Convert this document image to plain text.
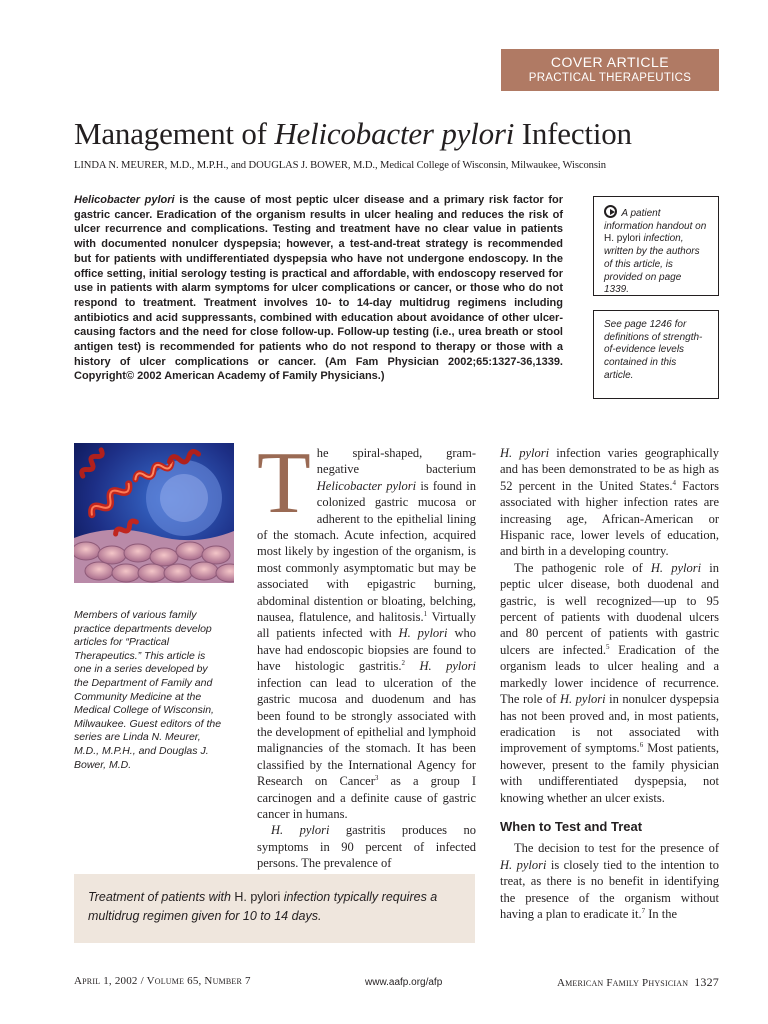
COVER ARTICLE
PRACTICAL THERAPEUTICS
Management of Helicobacter pylori Infection
LINDA N. MEURER, M.D., M.P.H., and DOUGLAS J. BOWER, M.D., Medical College of Wisconsin, Milwaukee, Wisconsin
Helicobacter pylori is the cause of most peptic ulcer disease and a primary risk factor for gastric cancer. Eradication of the organism results in ulcer healing and reduces the risk of ulcer recurrence and complications. Testing and treatment have no clear value in patients with documented nonulcer dyspepsia; however, a test-and-treat strategy is recommended but for patients with undifferentiated dyspepsia who have not undergone endoscopy. In the office setting, initial serology testing is practical and affordable, with endoscopy reserved for use in patients with alarm symptoms for ulcer complications or cancer, or those who do not respond to treatment. Treatment involves 10- to 14-day multidrug regimens including antibiotics and acid suppressants, combined with education about avoidance of other ulcer-causing factors and the need for close follow-up. Follow-up testing (i.e., urea breath or stool antigen test) is recommended for patients who do not respond to therapy or those with a history of ulcer complications or cancer. (Am Fam Physician 2002;65:1327-36,1339. Copyright© 2002 American Academy of Family Physicians.)
A patient information handout on H. pylori infection, written by the authors of this article, is provided on page 1339.
See page 1246 for definitions of strength-of-evidence levels contained in this article.
Members of various family practice departments develop articles for “Practical Therapeutics.” This article is one in a series developed by the Department of Family and Community Medicine at the Medical College of Wisconsin, Milwaukee. Guest editors of the series are Linda N. Meurer, M.D., M.P.H., and Douglas J. Bower, M.D.

The spiral-shaped, gram-negative bacterium Helicobacter pylori is found in colonized gastric mucosa or adherent to the epithelial lining of the stomach. Acute infection, acquired most likely by ingestion of the organism, is most commonly asymptomatic but may be associated with epigastric burning, abdominal distention or bloating, belching, nausea, flatulence, and halitosis.$^1$ Virtually all patients infected with H. pylori who have had endoscopic biopsies are found to have histologic gastritis.$^2$ H. pylori infection can lead to ulceration of the gastric mucosa and duodenum and has been found to be strongly associated with the development of epithelial and lymphoid malignancies of the stomach. It has been classified by the International Agency for Research on Cancer$^3$ as a group I carcinogen and a definite cause of gastric cancer in humans.

H. pylori gastritis produces no symptoms in 90 percent of infected persons. The prevalence of

H. pylori infection varies geographically and has been demonstrated to be as high as 52 percent in the United States.$^4$ Factors associated with higher infection rates are increasing age, African-American or Hispanic race, lower levels of education, and birth in a developing country.

The pathogenic role of H. pylori in peptic ulcer disease, both duodenal and gastric, is well recognized—up to 95 percent of patients with duodenal ulcers and 80 percent of patients with gastric ulcers are infected.$^5$ Eradication of the organism leads to ulcer healing and a markedly lower incidence of recurrence. The role of H. pylori in nonulcer dyspepsia has not been proved and, in most patients, eradication is not associated with improvement of symptoms.$^6$ Most patients, however, present to the family physician with undifferentiated dyspepsia, not knowing whether an ulcer exists.

When to Test and Treat

The decision to test for the presence of H. pylori is closely tied to the intention to treat, as there is no benefit in identifying the presence of the organism without having a plan to eradicate it.$^7$ In the

Treatment of patients with H. pylori infection typically requires a multidrug regimen given for 10 to 14 days.
April 1, 2002 / Volume 65, Number 7	www.aafp.org/afp	American Family Physician 1327
